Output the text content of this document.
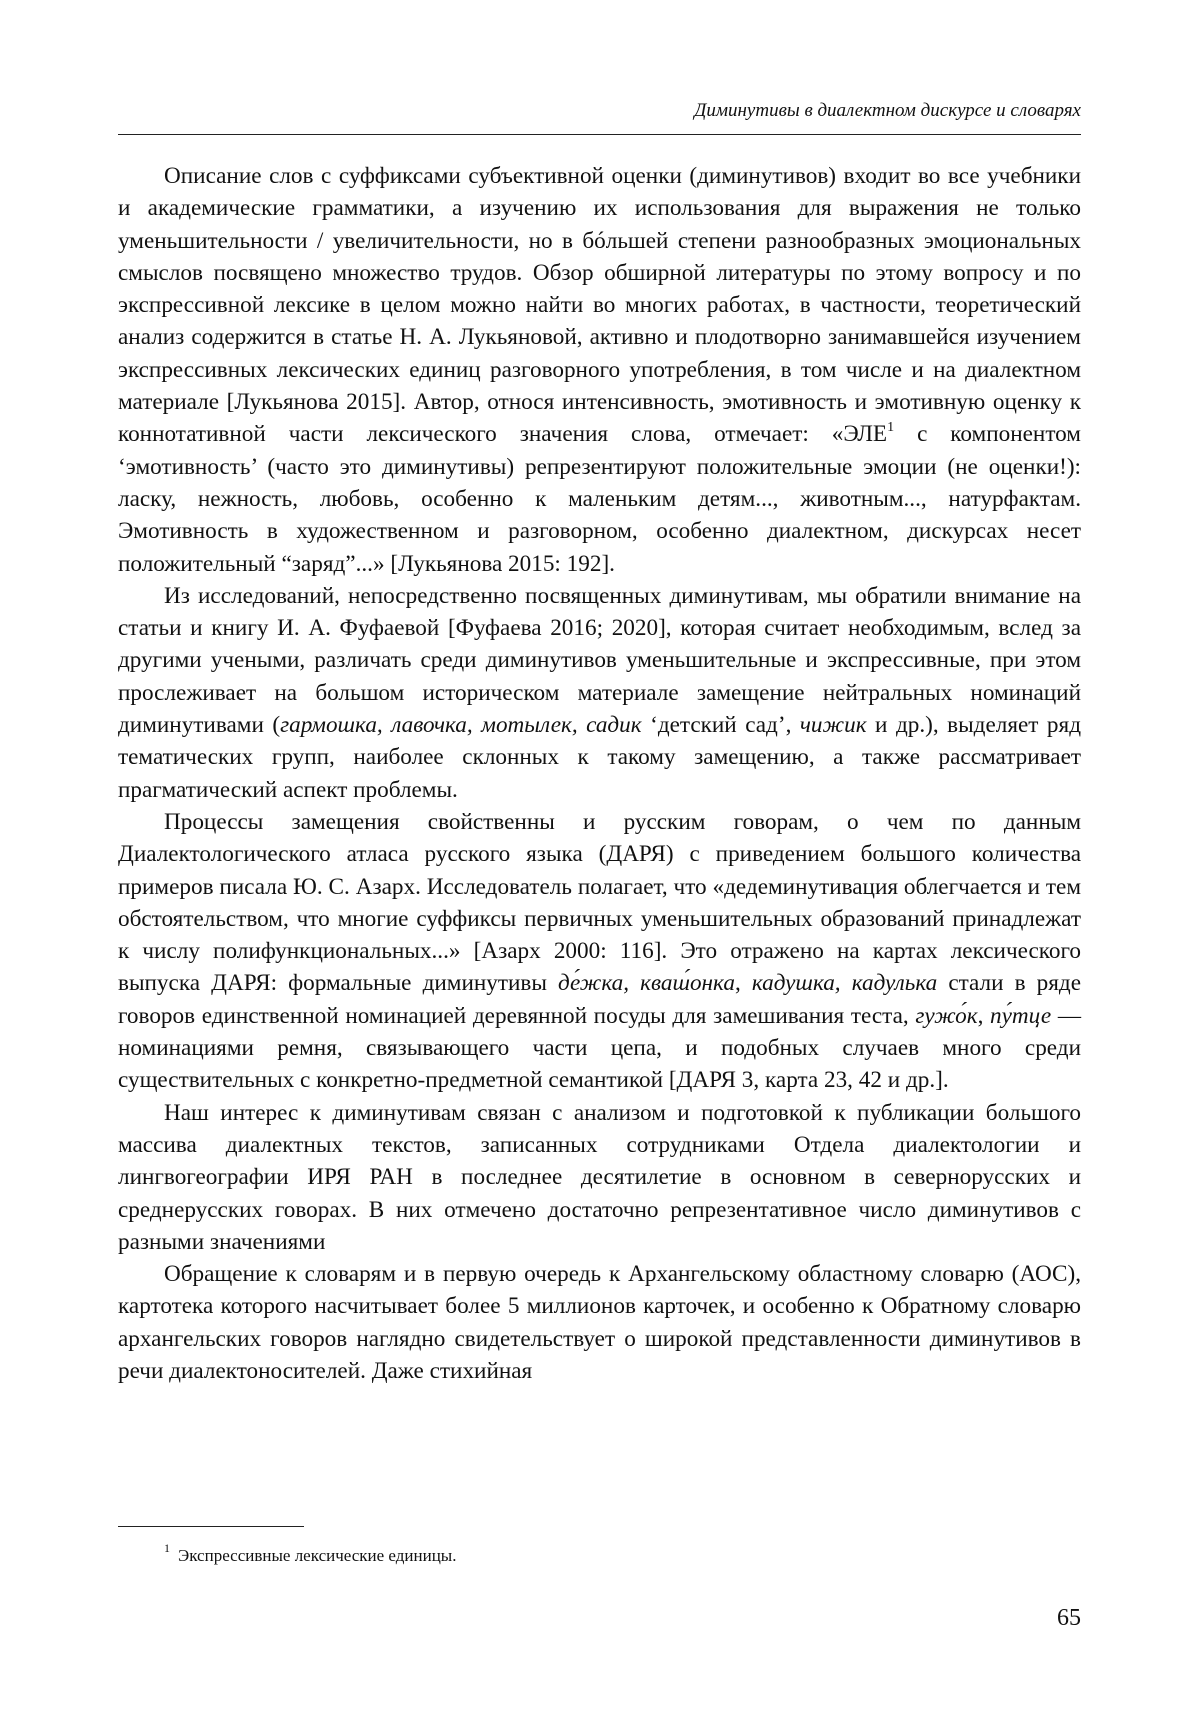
Диминутивы в диалектном дискурсе и словарях

Описание слов с суффиксами субъективной оценки (диминутивов) входит во все учебники и академические грамматики, а изучению их использования для выражения не только уменьшительности / увеличительности, но в бóльшей степени разнообразных эмоциональных смыслов посвящено множество трудов. Обзор обширной литературы по этому вопросу и по экспрессивной лексике в целом можно найти во многих работах, в частности, теоретический анализ содержится в статье Н. А. Лукьяновой, активно и плодотворно занимавшейся изучением экспрессивных лексических единиц разговорного употребления, в том числе и на диалектном материале [Лукьянова 2015]. Автор, относя интенсивность, эмотивность и эмотивную оценку к коннотативной части лексического значения слова, отмечает: «ЭЛЕ$^1$ с компонентом ‘эмотивность’ (часто это диминутивы) репрезентируют положительные эмоции (не оценки!): ласку, нежность, любовь, особенно к маленьким детям..., животным..., натурфактам. Эмотивность в художественном и разговорном, особенно диалектном, дискурсах несет положительный “заряд”...» [Лукьянова 2015: 192].

Из исследований, непосредственно посвященных диминутивам, мы обратили внимание на статьи и книгу И. А. Фуфаевой [Фуфаева 2016; 2020], которая считает необходимым, вслед за другими учеными, различать среди диминутивов уменьшительные и экспрессивные, при этом прослеживает на большом историческом материале замещение нейтральных номинаций диминутивами (гармошка, лавочка, мотылек, садик ‘детский сад’, чижик и др.), выделяет ряд тематических групп, наиболее склонных к такому замещению, а также рассматривает прагматический аспект проблемы.

Процессы замещения свойственны и русским говорам, о чем по данным Диалектологического атласа русского языка (ДАРЯ) с приведением большого количества примеров писала Ю. С. Азарх. Исследователь полагает, что «дедеминутивация облегчается и тем обстоятельством, что многие суффиксы первичных уменьшительных образований принадлежат к числу полифункциональных...» [Азарх 2000: 116]. Это отражено на картах лексического выпуска ДАРЯ: формальные диминутивы де́жка, кваш́онка, кадушка, кадулька стали в ряде говоров единственной номинацией деревянной посуды для замешивания теста, гужо́к, пу́тце — номинациями ремня, связывающего части цепа, и подобных случаев много среди существительных с конкретно-предметной семантикой [ДАРЯ 3, карта 23, 42 и др.].

Наш интерес к диминутивам связан с анализом и подготовкой к публикации большого массива диалектных текстов, записанных сотрудниками Отдела диалектологии и лингвогеографии ИРЯ РАН в последнее десятилетие в основном в севернорусских и среднерусских говорах. В них отмечено достаточно репрезентативное число диминутивов с разными значениями

Обращение к словарям и в первую очередь к Архангельскому областному словарю (АОС), картотека которого насчитывает более 5 миллионов карточек, и особенно к Обратному словарю архангельских говоров наглядно свидетельствует о широкой представленности диминутивов в речи диалектоносителей. Даже стихийная

$^1$ Экспрессивные лексические единицы.
65
